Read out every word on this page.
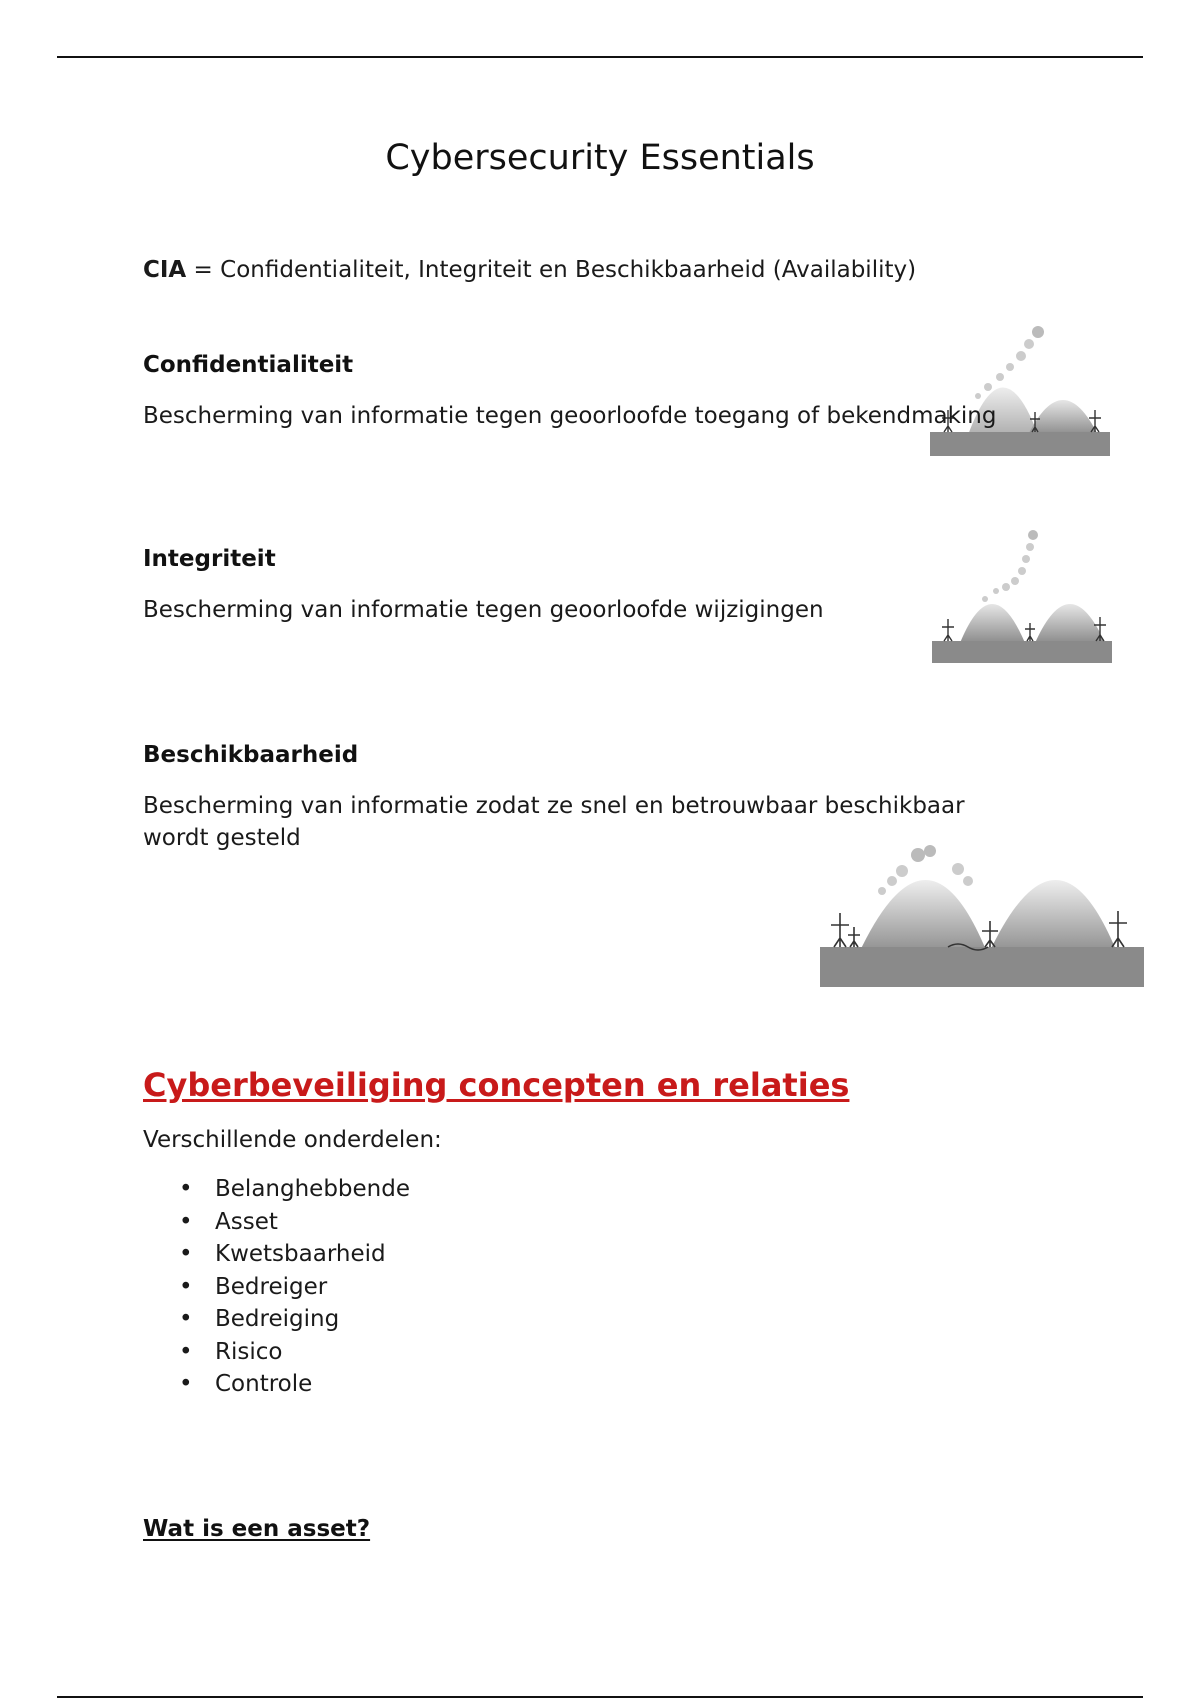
Cybersecurity Essentials
CIA = Confidentialiteit, Integriteit en Beschikbaarheid (Availability)
Confidentialiteit
Bescherming van informatie tegen geoorloofde toegang of bekendmaking
Integriteit
Bescherming van informatie tegen geoorloofde wijzigingen
Beschikbaarheid
Bescherming van informatie zodat ze snel en betrouwbaar beschikbaar wordt gesteld
Cyberbeveiliging concepten en relaties
Verschillende onderdelen:
• Belanghebbende
• Asset
• Kwetsbaarheid
• Bedreiger
• Bedreiging
• Risico
• Controle
Wat is een asset?
